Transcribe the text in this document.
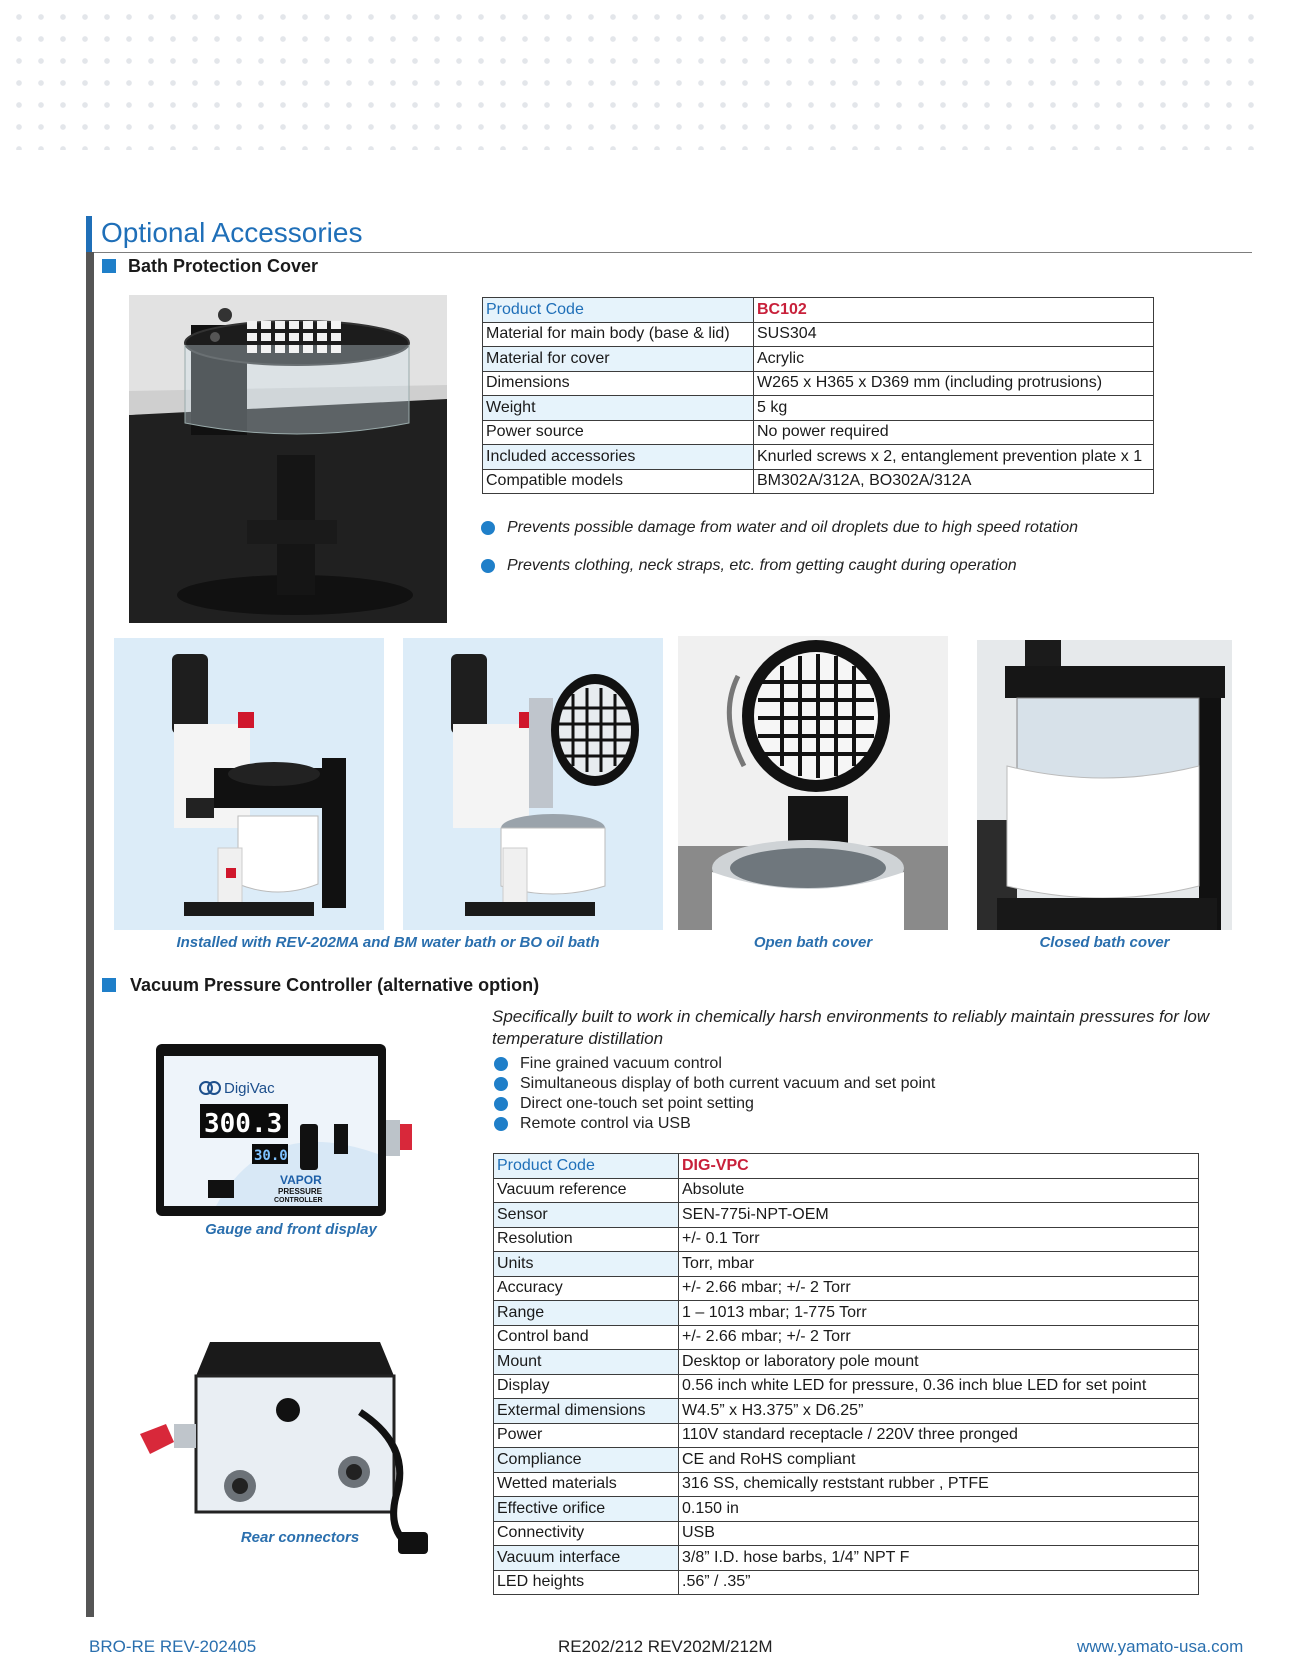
Optional Accessories
Bath Protection Cover
Product Code	BC102
Material for main body (base & lid)	SUS304
Material for cover	Acrylic
Dimensions	W265 x H365 x D369 mm (including protrusions)
Weight	5 kg
Power source	No power required
Included accessories	Knurled screws x 2, entanglement prevention plate x 1
Compatible models	BM302A/312A, BO302A/312A
Prevents possible damage from water and oil droplets due to high speed rotation
Prevents clothing, neck straps, etc. from getting caught during operation
Installed with REV-202MA and BM water bath or BO oil bath	Open bath cover	Closed bath cover
Vacuum Pressure Controller (alternative option)
Specifically built to work in chemically harsh environments to reliably maintain pressures for low temperature distillation
Fine grained vacuum control
Simultaneous display of both current vacuum and set point
Direct one-touch set point setting
Remote control via USB
DigiVac
300.3
30.0
VAPOR
PRESSURE
CONTROLLER
Gauge and front display
Rear connectors
Product Code	DIG-VPC
Vacuum reference	Absolute
Sensor	SEN-775i-NPT-OEM
Resolution	+/- 0.1 Torr
Units	Torr, mbar
Accuracy	+/- 2.66 mbar; +/- 2 Torr
Range	1 – 1013 mbar; 1-775 Torr
Control band	+/- 2.66 mbar; +/- 2 Torr
Mount	Desktop or laboratory pole mount
Display	0.56 inch white LED for pressure, 0.36 inch blue LED for set point
Extermal dimensions	W4.5” x H3.375” x D6.25”
Power	110V standard receptacle / 220V three pronged
Compliance	CE and RoHS compliant
Wetted materials	316 SS, chemically reststant rubber , PTFE
Effective orifice	0.150 in
Connectivity	USB
Vacuum interface	3/8” I.D. hose barbs, 1/4” NPT F
LED heights	.56” / .35”
BRO-RE REV-202405	RE202/212 REV202M/212M	www.yamato-usa.com
